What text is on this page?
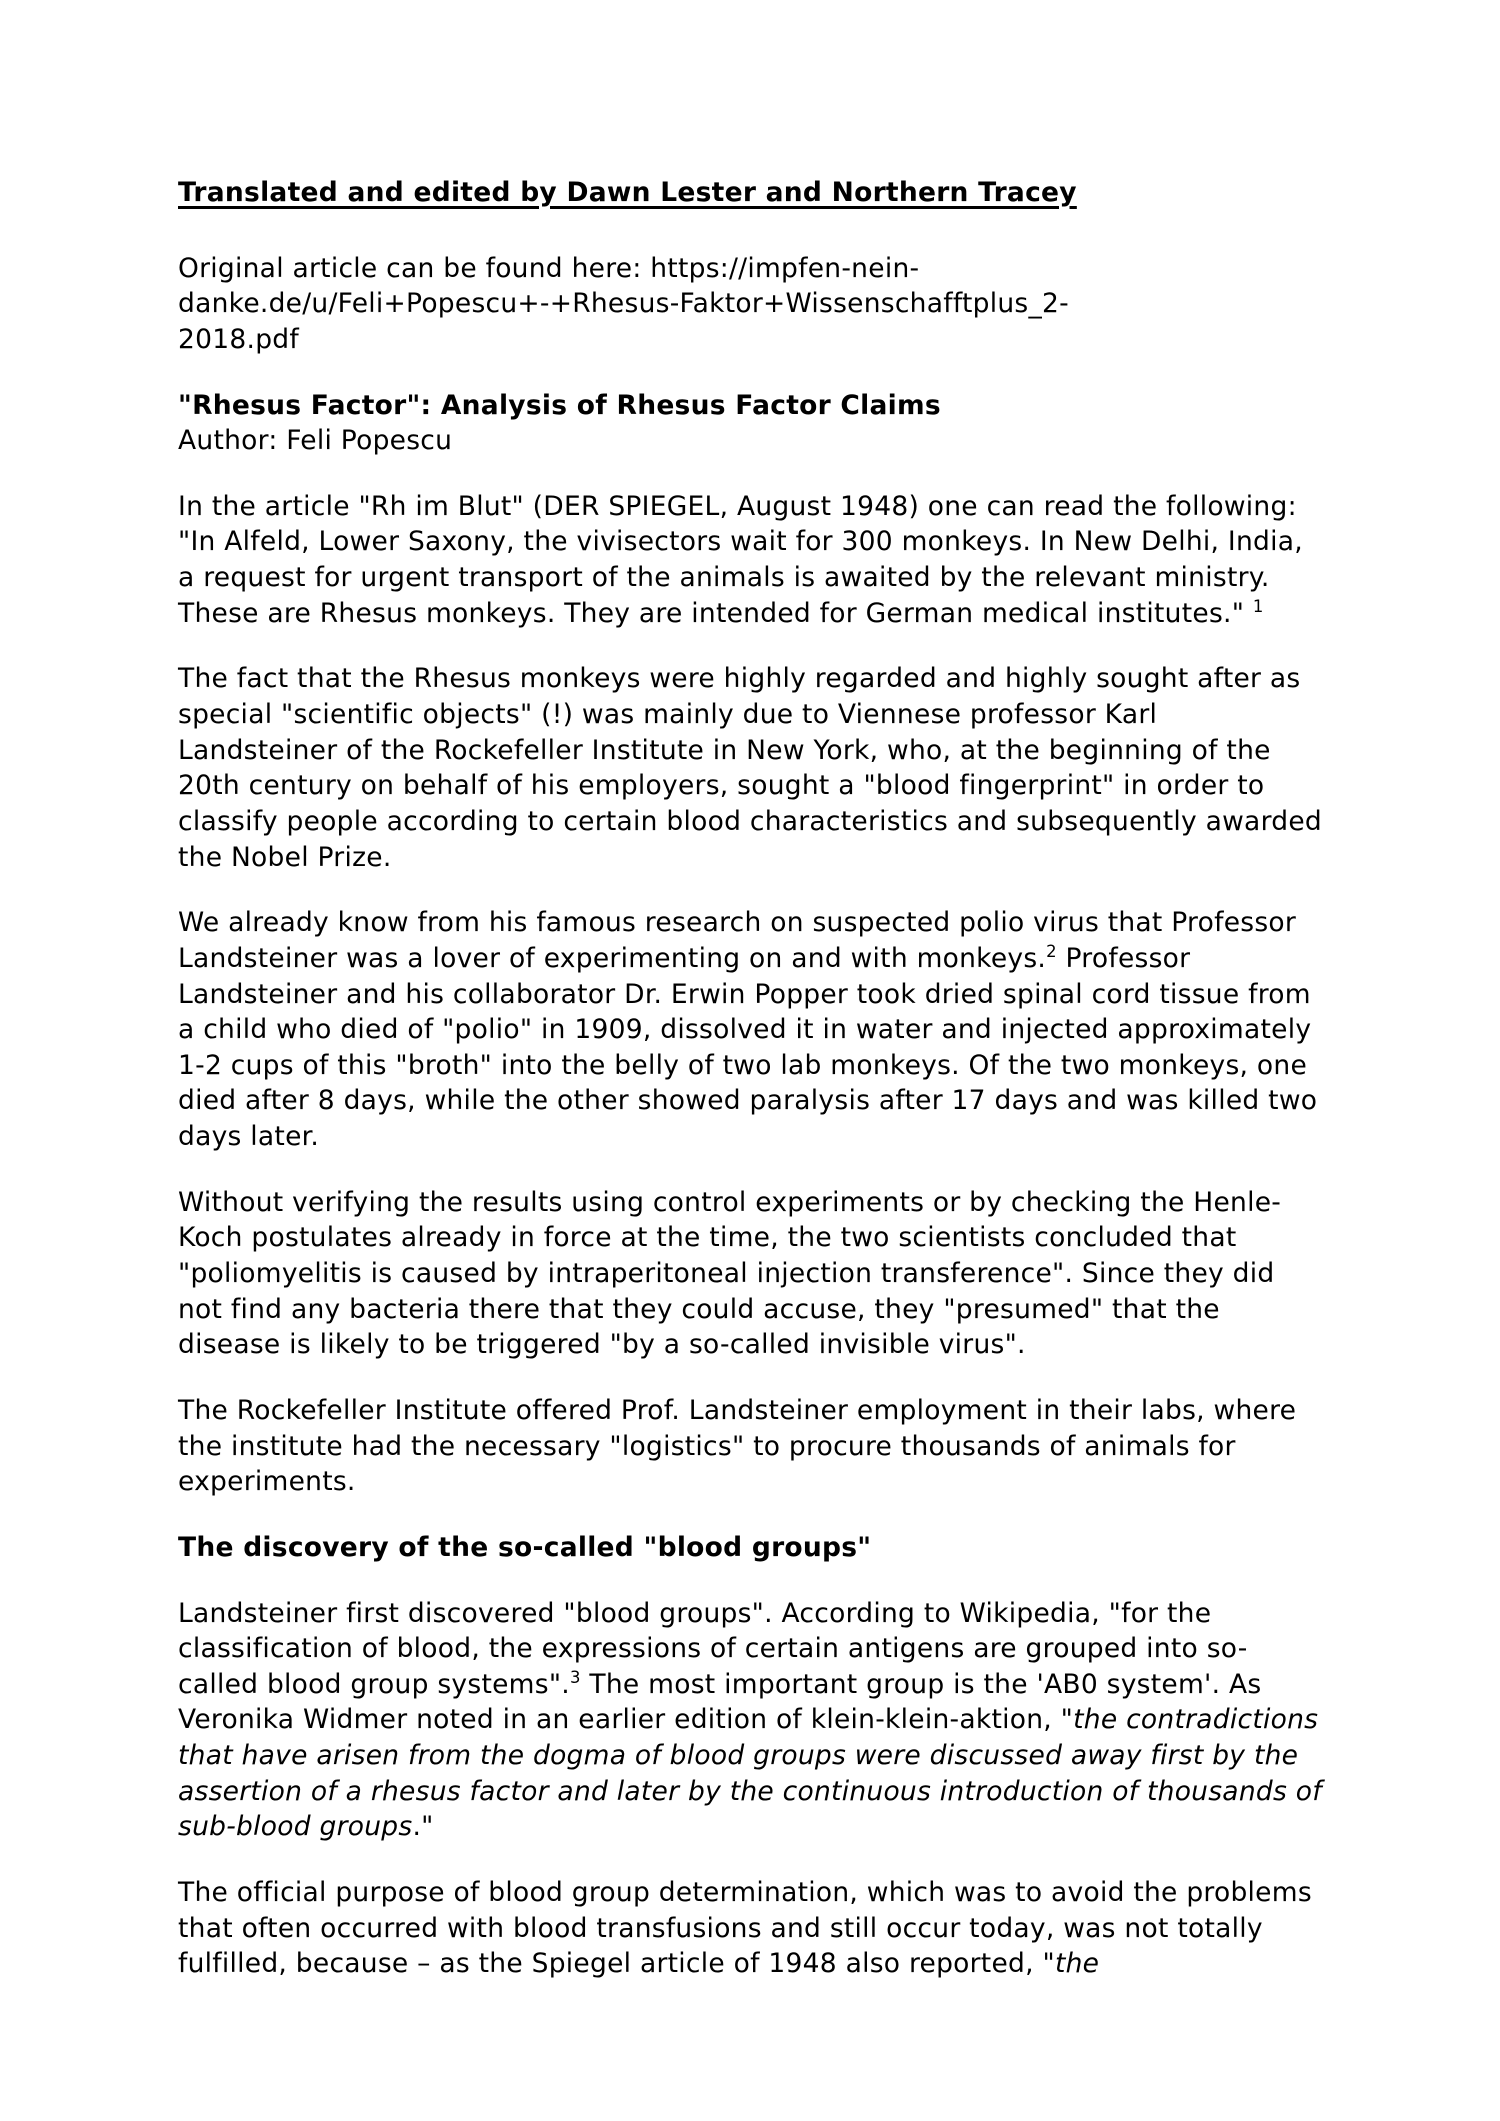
Translated and edited by Dawn Lester and Northern Tracey
Original article can be found here: https://impfen-nein-danke.de/u/Feli+Popescu+-+Rhesus-Faktor+Wissenschafftplus_2-2018.pdf
"Rhesus Factor": Analysis of Rhesus Factor Claims
Author: Feli Popescu
In the article "Rh im Blut" (DER SPIEGEL, August 1948) one can read the following: "In Alfeld, Lower Saxony, the vivisectors wait for 300 monkeys. In New Delhi, India, a request for urgent transport of the animals is awaited by the relevant ministry. These are Rhesus monkeys. They are intended for German medical institutes." $^1$
The fact that the Rhesus monkeys were highly regarded and highly sought after as special "scientific objects" (!) was mainly due to Viennese professor Karl Landsteiner of the Rockefeller Institute in New York, who, at the beginning of the 20th century on behalf of his employers, sought a "blood fingerprint" in order to classify people according to certain blood characteristics and subsequently awarded the Nobel Prize.
We already know from his famous research on suspected polio virus that Professor Landsteiner was a lover of experimenting on and with monkeys.$^2$ Professor Landsteiner and his collaborator Dr. Erwin Popper took dried spinal cord tissue from a child who died of "polio" in 1909, dissolved it in water and injected approximately 1-2 cups of this "broth" into the belly of two lab monkeys. Of the two monkeys, one died after 8 days, while the other showed paralysis after 17 days and was killed two days later.
Without verifying the results using control experiments or by checking the Henle-Koch postulates already in force at the time, the two scientists concluded that "poliomyelitis is caused by intraperitoneal injection transference". Since they did not find any bacteria there that they could accuse, they "presumed" that the disease is likely to be triggered "by a so-called invisible virus".
The Rockefeller Institute offered Prof. Landsteiner employment in their labs, where the institute had the necessary "logistics" to procure thousands of animals for experiments.
The discovery of the so-called "blood groups"
Landsteiner first discovered "blood groups". According to Wikipedia, "for the classification of blood, the expressions of certain antigens are grouped into so-called blood group systems".$^3$ The most important group is the 'AB0 system'. As Veronika Widmer noted in an earlier edition of klein-klein-aktion, "the contradictions that have arisen from the dogma of blood groups were discussed away first by the assertion of a rhesus factor and later by the continuous introduction of thousands of sub-blood groups."
The official purpose of blood group determination, which was to avoid the problems that often occurred with blood transfusions and still occur today, was not totally fulfilled, because – as the Spiegel article of 1948 also reported, "the
